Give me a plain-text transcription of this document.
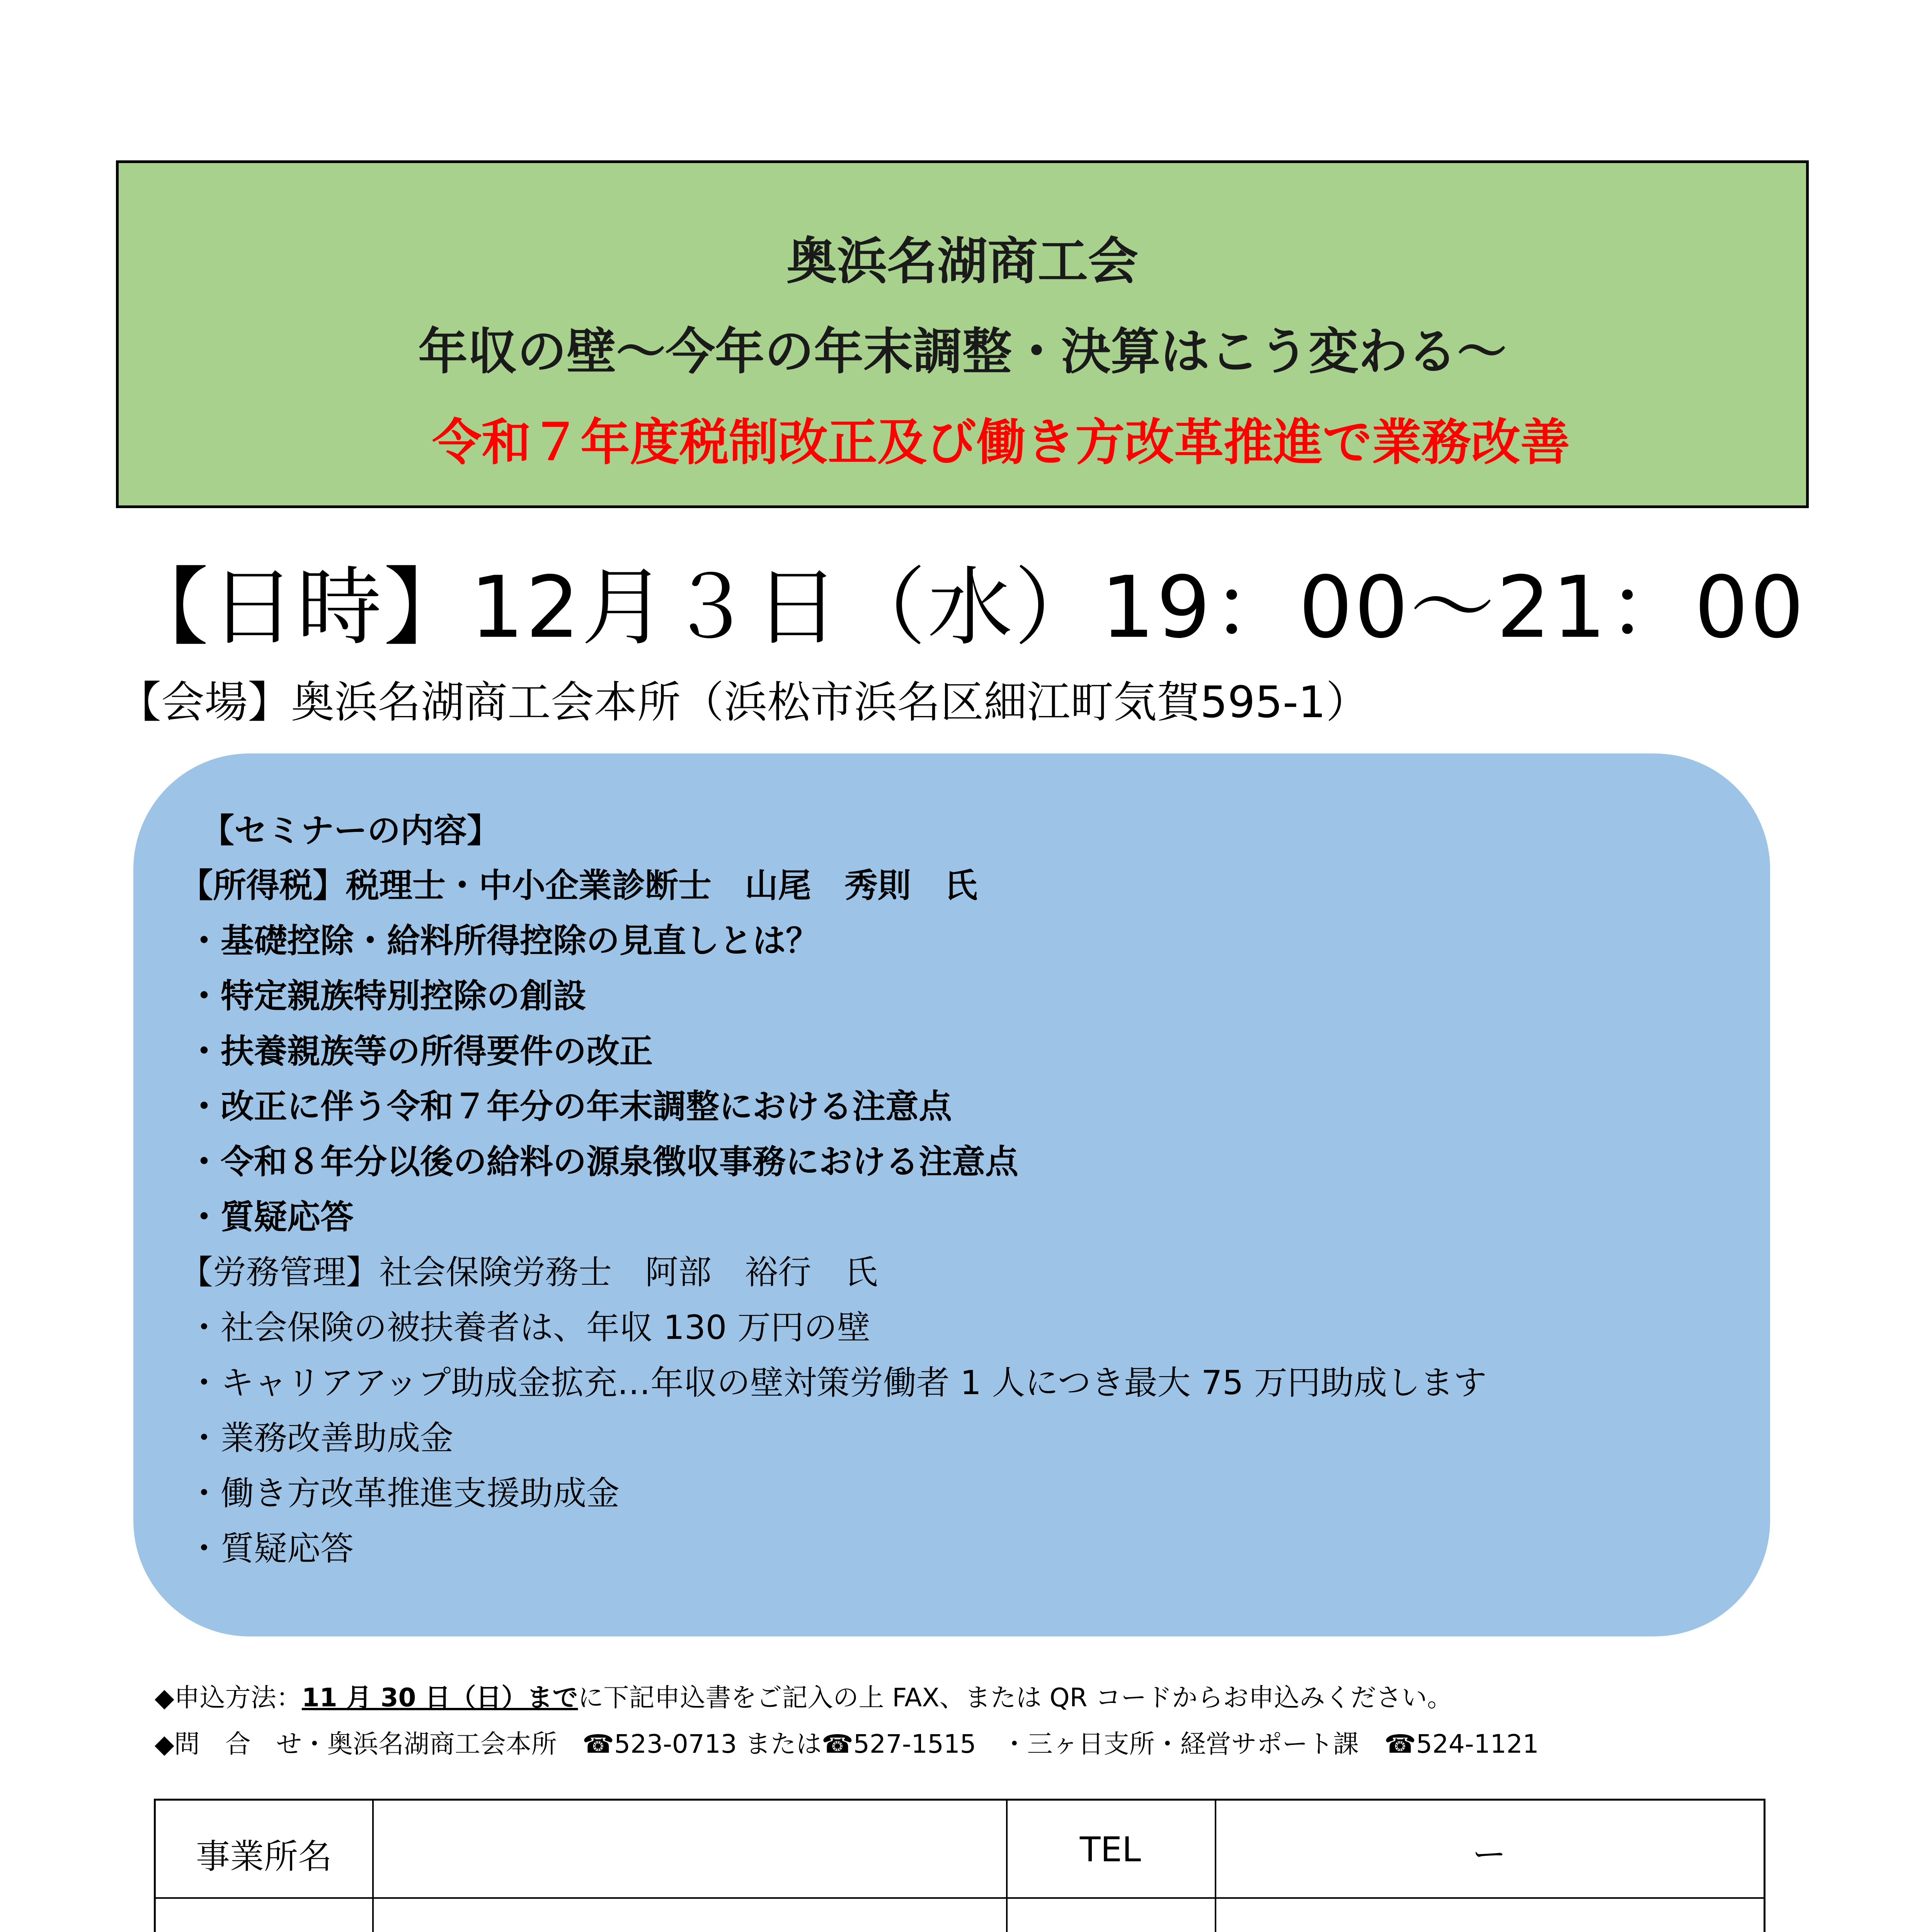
奥浜名湖商工会
年収の壁～今年の年末調整・決算はこう変わる～
令和７年度税制改正及び働き方改革推進で業務改善
【日時】12月３日（水）19：00～21：00
【会場】奥浜名湖商工会本所（浜松市浜名区細江町気賀595-1）
【セミナーの内容】
【所得税】税理士・中小企業診断士　山尾　秀則　氏
・基礎控除・給料所得控除の見直しとは？
・特定親族特別控除の創設
・扶養親族等の所得要件の改正
・改正に伴う令和７年分の年末調整における注意点
・令和８年分以後の給料の源泉徴収事務における注意点
・質疑応答
【労務管理】社会保険労務士　阿部　裕行　氏
・社会保険の被扶養者は、年収 130 万円の壁
・キャリアアップ助成金拡充…年収の壁対策労働者 1 人につき最大 75 万円助成します
・業務改善助成金
・働き方改革推進支援助成金
・質疑応答
◆申込方法：11 月 30 日（日）までに下記申込書をご記入の上 FAX、または QR コードからお申込みください。
◆問　合　せ・奥浜名湖商工会本所　☎523-0713 または☎527-1515　・三ヶ日支所・経営サポート課　☎524-1121
事業所名	TEL	ー
